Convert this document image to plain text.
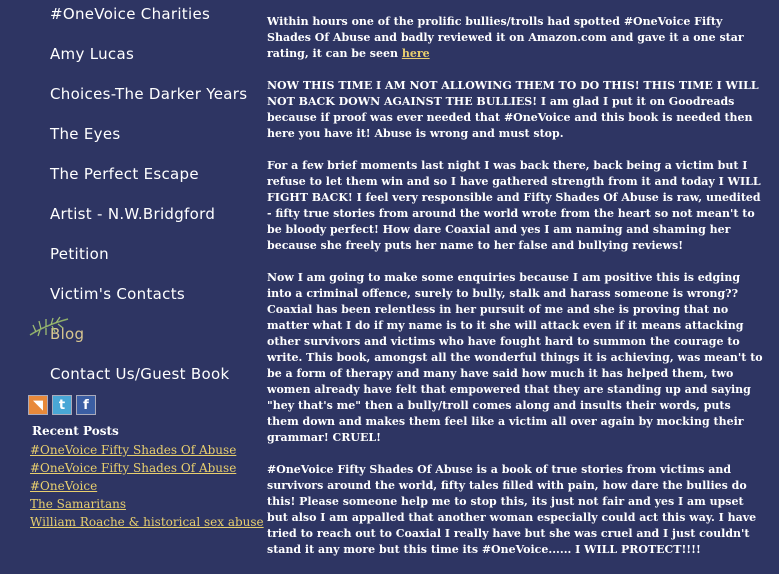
#OneVoice Charities
Amy Lucas
Choices-The Darker Years
The Eyes
The Perfect Escape
Artist - N.W.Bridgford
Petition
Victim's Contacts
Blog
Contact Us/Guest Book
◥	t	f
Recent Posts
#OneVoice Fifty Shades Of Abuse
#OneVoice Fifty Shades Of Abuse
#OneVoice
The Samaritans
William Roache & historical sex abuse

Within hours one of the prolific bullies/trolls had spotted #OneVoice Fifty Shades Of Abuse and badly reviewed it on Amazon.com and gave it a one star rating, it can be seen here

NOW THIS TIME I AM NOT ALLOWING THEM TO DO THIS! THIS TIME I WILL NOT BACK DOWN AGAINST THE BULLIES! I am glad I put it on Goodreads because if proof was ever needed that #OneVoice and this book is needed then here you have it! Abuse is wrong and must stop.

For a few brief moments last night I was back there, back being a victim but I refuse to let them win and so I have gathered strength from it and today I WILL FIGHT BACK! I feel very responsible and Fifty Shades Of Abuse is raw, unedited - fifty true stories from around the world wrote from the heart so not mean't to be bloody perfect! How dare Coaxial and yes I am naming and shaming her because she freely puts her name to her false and bullying reviews!

Now I am going to make some enquiries because I am positive this is edging into a criminal offence, surely to bully, stalk and harass someone is wrong?? Coaxial has been relentless in her pursuit of me and she is proving that no matter what I do if my name is to it she will attack even if it means attacking other survivors and victims who have fought hard to summon the courage to write. This book, amongst all the wonderful things it is achieving, was mean't to be a form of therapy and many have said how much it has helped them, two women already have felt that empowered that they are standing up and saying "hey that's me" then a bully/troll comes along and insults their words, puts them down and makes them feel like a victim all over again by mocking their grammar! CRUEL!

#OneVoice Fifty Shades Of Abuse is a book of true stories from victims and survivors around the world, fifty tales filled with pain, how dare the bullies do this! Please someone help me to stop this, its just not fair and yes I am upset but also I am appalled that another woman especially could act this way. I have tried to reach out to Coaxial I really have but she was cruel and I just couldn't stand it any more but this time its #OneVoice...... I WILL PROTECT!!!!
